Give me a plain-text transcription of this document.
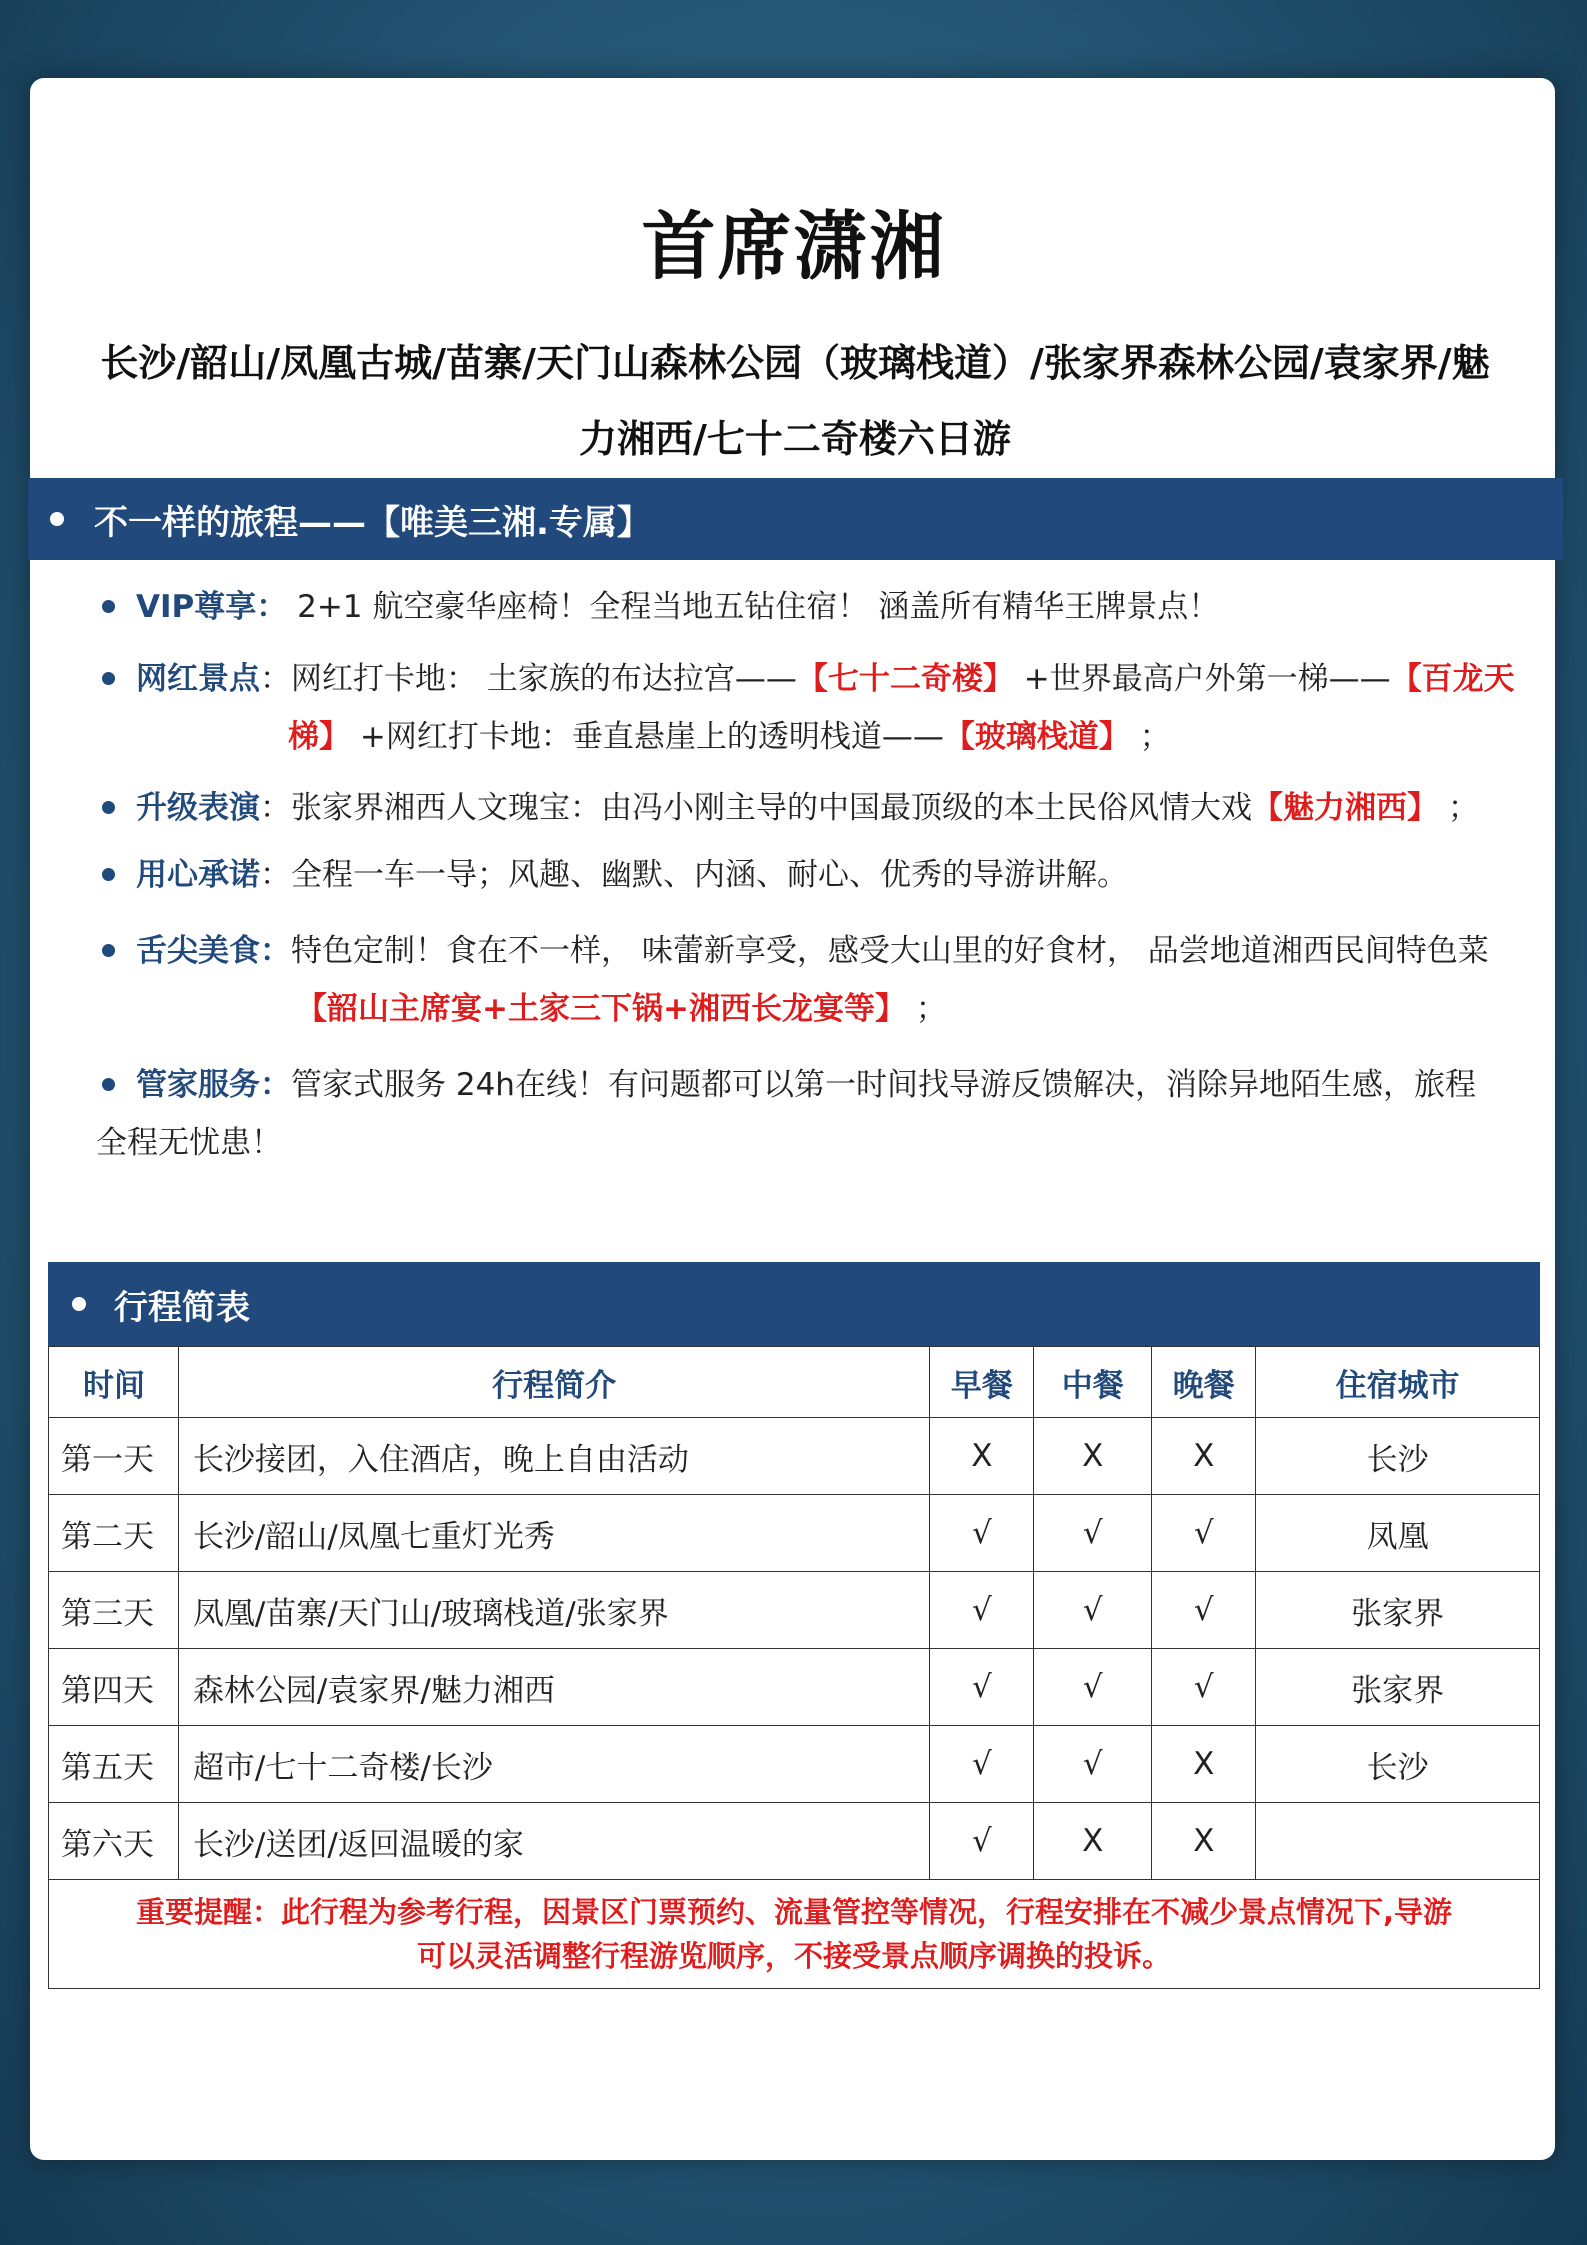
首席潇湘

长沙/韶山/凤凰古城/苗寨/天门山森林公园（玻璃栈道）/张家界森林公园/袁家界/魅力湘西/七十二奇楼六日游

不一样的旅程——【唯美三湘.专属】
VIP尊享： 2+1 航空豪华座椅！全程当地五钻住宿！ 涵盖所有精华王牌景点！
网红景点：网红打卡地： 土家族的布达拉宫——【七十二奇楼】 +世界最高户外第一梯——【百龙天
梯】 +网红打卡地：垂直悬崖上的透明栈道——【玻璃栈道】 ；
升级表演：张家界湘西人文瑰宝：由冯小刚主导的中国最顶级的本土民俗风情大戏【魅力湘西】 ；
用心承诺：全程一车一导；风趣、幽默、内涵、耐心、优秀的导游讲解。
舌尖美食：特色定制！食在不一样， 味蕾新享受，感受大山里的好食材， 品尝地道湘西民间特色菜
【韶山主席宴+土家三下锅+湘西长龙宴等】 ；
管家服务：管家式服务 24h在线！有问题都可以第一时间找导游反馈解决，消除异地陌生感，旅程
全程无忧患！
行程简表
时间	行程简介	早餐	中餐	晚餐	住宿城市
第一天	长沙接团，入住酒店，晚上自由活动	X	X	X	长沙
第二天	长沙/韶山/凤凰七重灯光秀	√	√	√	凤凰
第三天	凤凰/苗寨/天门山/玻璃栈道/张家界	√	√	√	张家界
第四天	森林公园/袁家界/魅力湘西	√	√	√	张家界
第五天	超市/七十二奇楼/长沙	√	√	X	长沙
第六天	长沙/送团/返回温暖的家	√	X	X	
重要提醒：此行程为参考行程，因景区门票预约、流量管控等情况，行程安排在不减少景点情况下,导游
可以灵活调整行程游览顺序，不接受景点顺序调换的投诉。					
